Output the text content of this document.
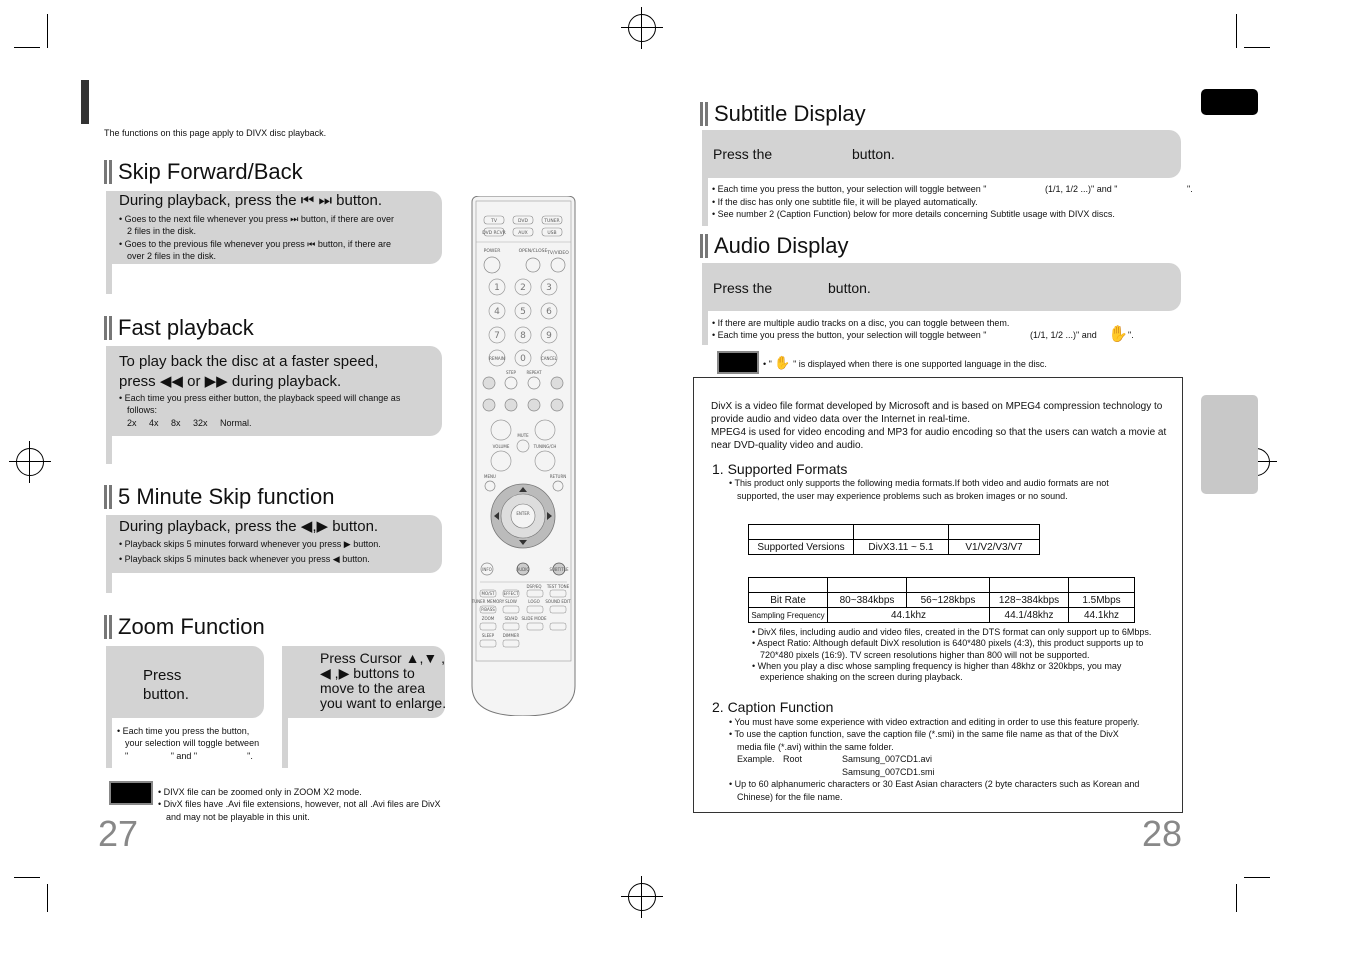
The functions on this page apply to DIVX disc playback.
Skip Forward/Back
During playback, press the ⏮ ⏭ button.
• Goes to the next file whenever you press ⏭ button, if there are over
2 files in the disk.
• Goes to the previous file whenever you press ⏮ button, if there are
over 2 files in the disk.
Fast playback
To play back the disc at a faster speed,
press ◀◀ or ▶▶ during playback.
• Each time you press either button, the playback speed will change as
follows:
2x     4x     8x     32x     Normal.
5 Minute Skip function
During playback, press the ◀,▶ button.
• Playback skips 5 minutes forward whenever you press ▶ button.
• Playback skips 5 minutes back whenever you press ◀ button.
Zoom Function
Press
button.
Press Cursor ▲,▼ ,
◀ ,▶ buttons to
move to the area
you want to enlarge.
• Each time you press the button,
your selection will toggle between
"	" and "	".
• DIVX file can be zoomed only in ZOOM X2 mode.
• DivX files have .Avi file extensions, however, not all .Avi files are DivX
and may not be playable in this unit.
27
TV	DVD	TUNER
DVD RCVR	AUX	USB
POWER	OPEN/CLOSE TV/VIDEO
1 2 3
4 5 6
7 8 9
0
REMAIN	CANCEL
STEP	REPEAT
MUTE
VOLUME	TUNING/CH
MENU	RETURN
ENTER
INFO	AUDIO	SUBTITLE
DSP/EQ TEST TONE
MO/ST EFFECT
TUNER MEMORY SLOW	LOGO SOUND EDIT
P.BASS
ZOOM	SD/HD SLIDE MODE
SLEEP DIMMER
Subtitle Display
Press the	button.
• Each time you press the button, your selection will toggle between "	(1/1, 1/2 ...)" and "	".
• If the disc has only one subtitle file, it will be played automatically.
• See number 2 (Caption Function) below for more details concerning Subtitle usage with DIVX discs.
Audio Display
Press the	button.
• If there are multiple audio tracks on a disc, you can toggle between them.
• Each time you press the button, your selection will toggle between "	(1/1, 1/2 ...)" and ✋ ".
• " ✋ " is displayed when there is one supported language in the disc.
DivX is a video file format developed by Microsoft and is based on MPEG4 compression technology to provide audio and video data over the Internet in real-time.
MPEG4 is used for video encoding and MP3 for audio encoding so that the users can watch a movie at near DVD-quality video and audio.
1. Supported Formats
• This product only supports the following media formats.If both video and audio formats are not
supported, the user may experience problems such as broken images or no sound.

Supported Versions	DivX3.11 ~ 5.1	V1/V2/V3/V7

Bit Rate	80~384kbps	56~128kbps	128~384kbps	1.5Mbps
Sampling Frequency	44.1khz		44.1/48khz	44.1khz
• DivX files, including audio and video files, created in the DTS format can only support up to 6Mbps.
• Aspect Ratio: Although default DivX resolution is 640*480 pixels (4:3), this product supports up to
720*480 pixels (16:9). TV screen resolutions higher than 800 will not be supported.
• When you play a disc whose sampling frequency is higher than 48khz or 320kbps, you may
experience shaking on the screen during playback.
2. Caption Function
• You must have some experience with video extraction and editing in order to use this feature properly.
• To use the caption function, save the caption file (*.smi) in the same file name as that of the DivX
media file (*.avi) within the same folder.
Example. Root	Samsung_007CD1.avi
Samsung_007CD1.smi
• Up to 60 alphanumeric characters or 30 East Asian characters (2 byte characters such as Korean and
Chinese) for the file name.
28
